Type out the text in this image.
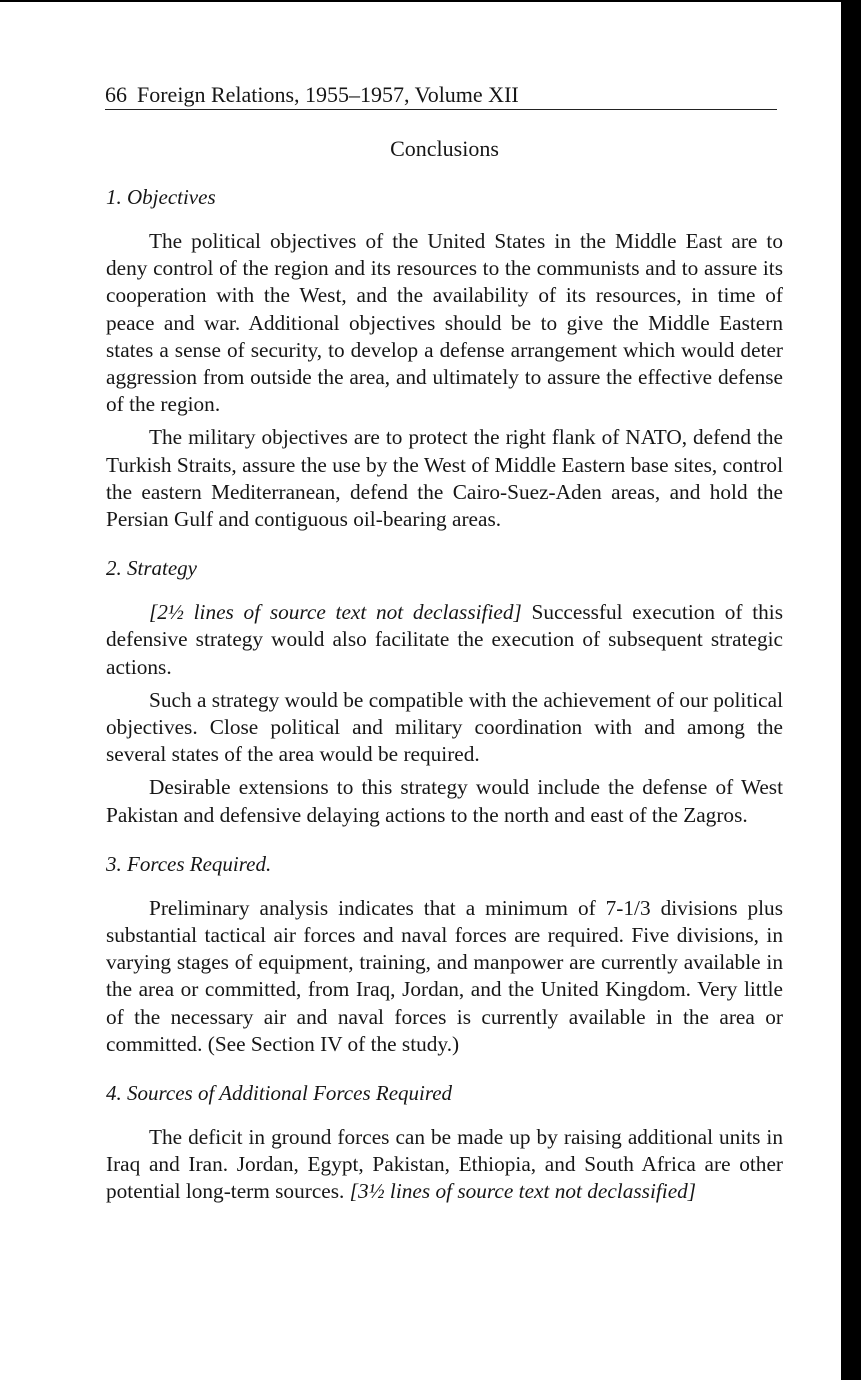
66 Foreign Relations, 1955–1957, Volume XII
Conclusions
1. Objectives

The political objectives of the United States in the Middle East are to deny control of the region and its resources to the communists and to assure its cooperation with the West, and the availability of its resources, in time of peace and war. Additional objectives should be to give the Middle Eastern states a sense of security, to develop a defense arrangement which would deter aggression from outside the area, and ultimately to assure the effective defense of the region.

The military objectives are to protect the right flank of NATO, defend the Turkish Straits, assure the use by the West of Middle Eastern base sites, control the eastern Mediterranean, defend the Cairo-Suez-Aden areas, and hold the Persian Gulf and contiguous oil-bearing areas.

2. Strategy

[2½ lines of source text not declassified] Successful execution of this defensive strategy would also facilitate the execution of subsequent strategic actions.

Such a strategy would be compatible with the achievement of our political objectives. Close political and military coordination with and among the several states of the area would be required.

Desirable extensions to this strategy would include the defense of West Pakistan and defensive delaying actions to the north and east of the Zagros.

3. Forces Required.

Preliminary analysis indicates that a minimum of 7-1/3 divisions plus substantial tactical air forces and naval forces are required. Five divisions, in varying stages of equipment, training, and manpower are currently available in the area or committed, from Iraq, Jordan, and the United Kingdom. Very little of the necessary air and naval forces is currently available in the area or committed. (See Section IV of the study.)

4. Sources of Additional Forces Required

The deficit in ground forces can be made up by raising additional units in Iraq and Iran. Jordan, Egypt, Pakistan, Ethiopia, and South Africa are other potential long-term sources. [3½ lines of source text not declassified]
